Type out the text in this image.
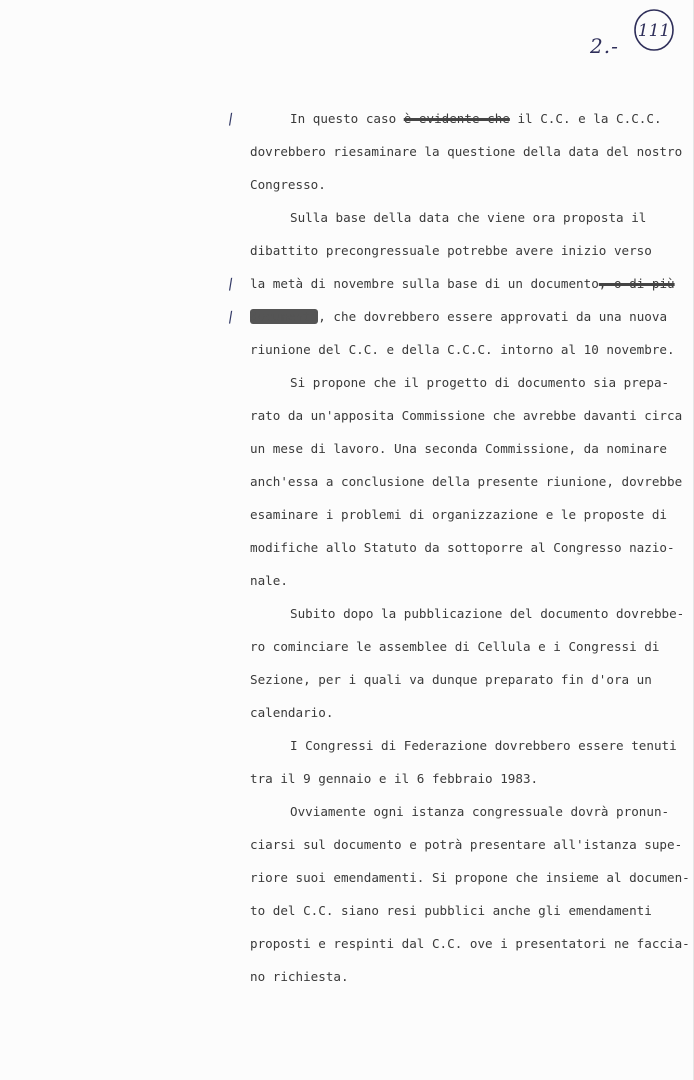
2.-
111
/
/
/
In questo caso è evidente che il C.C. e la C.C.C.
dovrebbero riesaminare la questione della data del nostro
Congresso.
Sulla base della data che viene ora proposta il
dibattito precongressuale potrebbe avere inizio verso
la metà di novembre sulla base di un documento, o di più
documenti, che dovrebbero essere approvati da una nuova
riunione del C.C. e della C.C.C. intorno al 10 novembre.
Si propone che il progetto di documento sia prepa-
rato da un'apposita Commissione che avrebbe davanti circa
un mese di lavoro. Una seconda Commissione, da nominare
anch'essa a conclusione della presente riunione, dovrebbe
esaminare i problemi di organizzazione e le proposte di
modifiche allo Statuto da sottoporre al Congresso nazio-
nale.
Subito dopo la pubblicazione del documento dovrebbe-
ro cominciare le assemblee di Cellula e i Congressi di
Sezione, per i quali va dunque preparato fin d'ora un
calendario.
I Congressi di Federazione dovrebbero essere tenuti
tra il 9 gennaio e il 6 febbraio 1983.
Ovviamente ogni istanza congressuale dovrà pronun-
ciarsi sul documento e potrà presentare all'istanza supe-
riore suoi emendamenti. Si propone che insieme al documen-
to del C.C. siano resi pubblici anche gli emendamenti
proposti e respinti dal C.C. ove i presentatori ne faccia-
no richiesta.
